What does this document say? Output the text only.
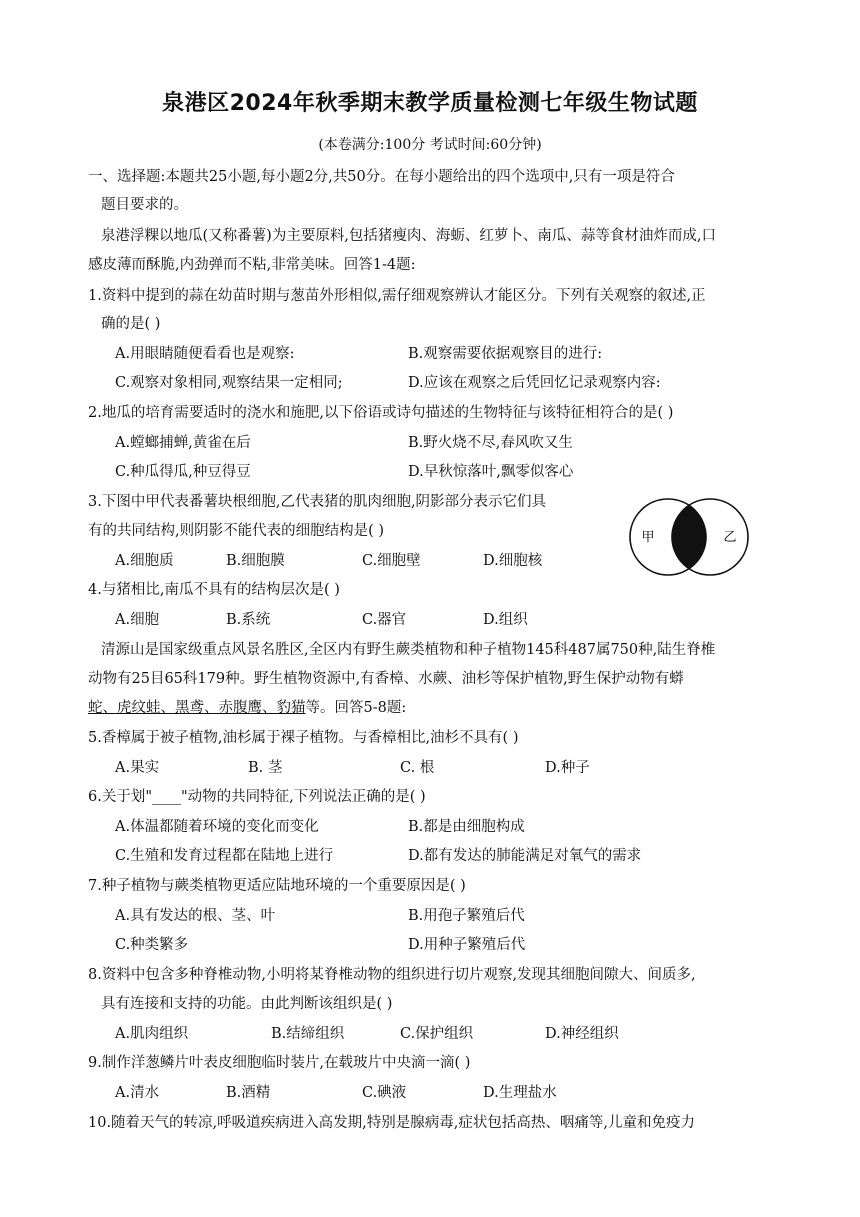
泉港区2024年秋季期末教学质量检测七年级生物试题
(本卷满分:100分 考试时间:60分钟)
一、选择题:本题共25小题,每小题2分,共50分。在每小题给出的四个选项中,只有一项是符合
题目要求的。
泉港浮粿以地瓜(又称番薯)为主要原料,包括猪瘦肉、海蛎、红萝卜、南瓜、蒜等食材油炸而成,口
感皮薄而酥脆,内劲弹而不粘,非常美味。回答1-4题:
1.资料中提到的蒜在幼苗时期与葱苗外形相似,需仔细观察辨认才能区分。下列有关观察的叙述,正
确的是( )
A.用眼睛随便看看也是观察:	B.观察需要依据观察目的进行:
C.观察对象相同,观察结果一定相同;	D.应该在观察之后凭回忆记录观察内容:
2.地瓜的培育需要适时的浇水和施肥,以下俗语或诗句描述的生物特征与该特征相符合的是( )
A.螳螂捕蝉,黄雀在后	B.野火烧不尽,春风吹又生
C.种瓜得瓜,种豆得豆	D.早秋惊落叶,飘零似客心
3.下图中甲代表番薯块根细胞,乙代表猪的肌肉细胞,阴影部分表示它们具
有的共同结构,则阴影不能代表的细胞结构是( )
A.细胞质	B.细胞膜	C.细胞壁	D.细胞核
甲	乙
4.与猪相比,南瓜不具有的结构层次是( )
A.细胞	B.系统	C.器官	D.组织
清源山是国家级重点风景名胜区,全区内有野生蕨类植物和种子植物145科487属750种,陆生脊椎
动物有25目65科179种。野生植物资源中,有香樟、水蕨、油杉等保护植物,野生保护动物有蟒
蛇、虎纹蛙、黑鸢、赤腹鹰、豹猫等。回答5-8题:
5.香樟属于被子植物,油杉属于裸子植物。与香樟相比,油杉不具有( )
A.果实	B. 茎	C. 根	D.种子
6.关于划"____"动物的共同特征,下列说法正确的是( )
A.体温都随着环境的变化而变化	B.都是由细胞构成
C.生殖和发育过程都在陆地上进行	D.都有发达的肺能满足对氧气的需求
7.种子植物与蕨类植物更适应陆地环境的一个重要原因是( )
A.具有发达的根、茎、叶	B.用孢子繁殖后代
C.种类繁多	D.用种子繁殖后代
8.资料中包含多种脊椎动物,小明将某脊椎动物的组织进行切片观察,发现其细胞间隙大、间质多,
具有连接和支持的功能。由此判断该组织是( )
A.肌肉组织	B.结缔组织	C.保护组织	D.神经组织
9.制作洋葱鳞片叶表皮细胞临时装片,在载玻片中央滴一滴( )
A.清水	B.酒精	C.碘液	D.生理盐水
10.随着天气的转凉,呼吸道疾病进入高发期,特别是腺病毒,症状包括高热、咽痛等,儿童和免疫力
